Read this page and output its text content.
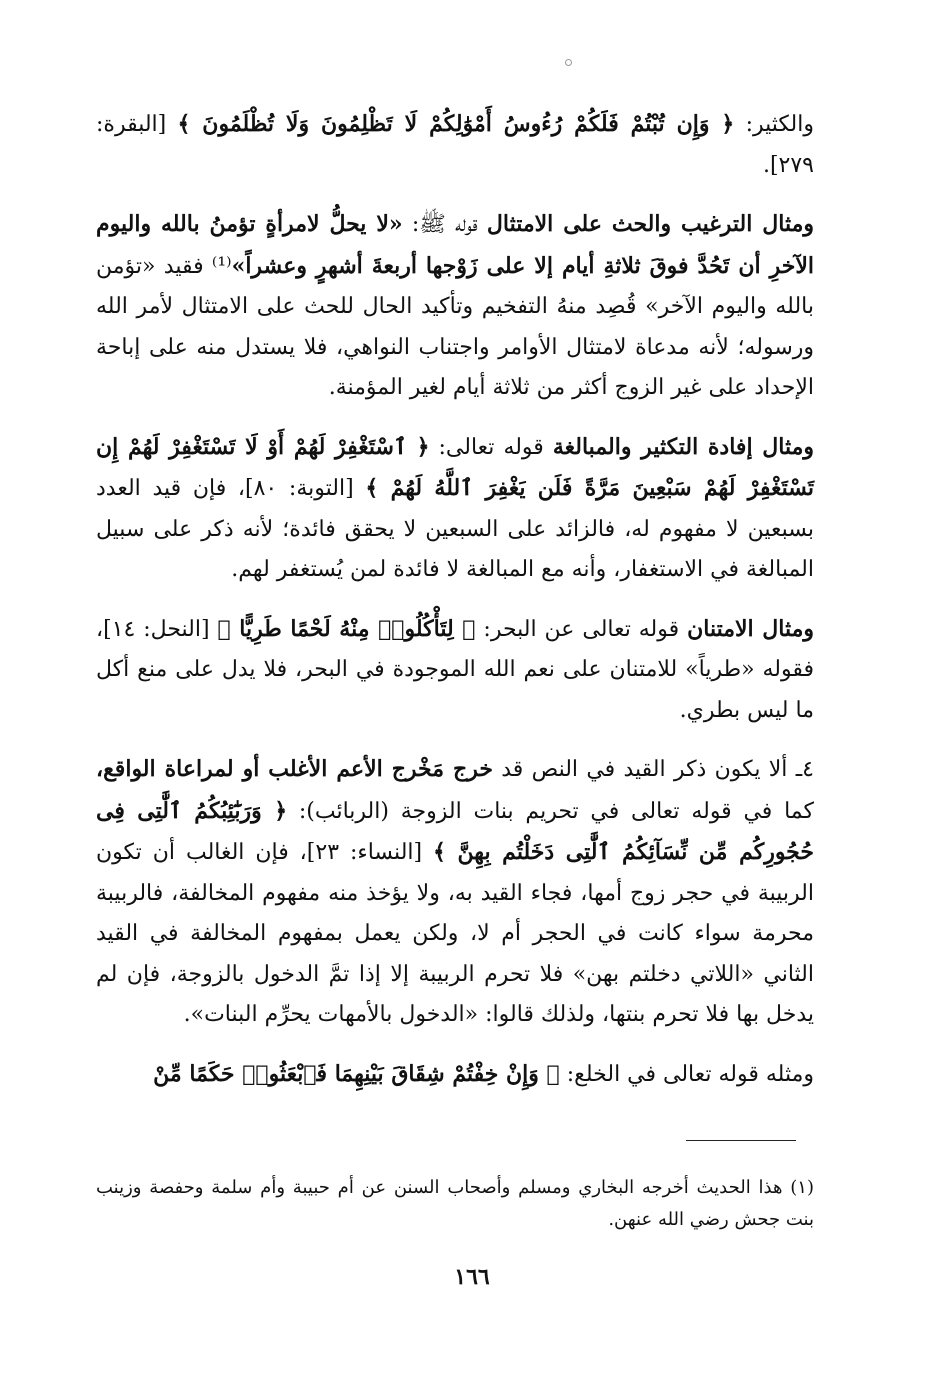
والكثير: ﴿ وَإِن تُبْتُمْ فَلَكُمْ رُءُوسُ أَمْوَٰلِكُمْ لَا تَظْلِمُونَ وَلَا تُظْلَمُونَ ﴾ [البقرة: ٢٧٩].

ومثال الترغيب والحث على الامتثال قوله ﷺ: «لا يحلُّ لامرأةٍ تؤمنُ بالله واليوم الآخرِ أن تَحُدَّ فوقَ ثلاثةِ أيام إلا على زَوْجها أربعةَ أشهرٍ وعشراً»⁽¹⁾ فقيد «تؤمن بالله واليوم الآخر» قُصِد منهُ التفخيم وتأكيد الحال للحث على الامتثال لأمر الله ورسوله؛ لأنه مدعاة لامتثال الأوامر واجتناب النواهي، فلا يستدل منه على إباحة الإحداد على غير الزوج أكثر من ثلاثة أيام لغير المؤمنة.

ومثال إفادة التكثير والمبالغة قوله تعالى: ﴿ ٱسْتَغْفِرْ لَهُمْ أَوْ لَا تَسْتَغْفِرْ لَهُمْ إِن تَسْتَغْفِرْ لَهُمْ سَبْعِينَ مَرَّةً فَلَن يَغْفِرَ ٱللَّهُ لَهُمْ ﴾ [التوبة: ٨٠]، فإن قيد العدد بسبعين لا مفهوم له، فالزائد على السبعين لا يحقق فائدة؛ لأنه ذكر على سبيل المبالغة في الاستغفار، وأنه مع المبالغة لا فائدة لمن يُستغفر لهم.

ومثال الامتنان قوله تعالى عن البحر: ﴿ لِتَأْكُلُوا۟ مِنْهُ لَحْمًا طَرِيًّا ﴾ [النحل: ١٤]، فقوله «طرياً» للامتنان على نعم الله الموجودة في البحر، فلا يدل على منع أكل ما ليس بطري.

٤ـ ألا يكون ذكر القيد في النص قد خرج مَخْرج الأعم الأغلب أو لمراعاة الواقع، كما في قوله تعالى في تحريم بنات الزوجة (الربائب): ﴿ وَرَبَٰٓئِبُكُمُ ٱلَّٰتِى فِى حُجُورِكُم مِّن نِّسَآئِكُمُ ٱلَّٰتِى دَخَلْتُم بِهِنَّ ﴾ [النساء: ٢٣]، فإن الغالب أن تكون الربيبة في حجر زوج أمها، فجاء القيد به، ولا يؤخذ منه مفهوم المخالفة، فالربيبة محرمة سواء كانت في الحجر أم لا، ولكن يعمل بمفهوم المخالفة في القيد الثاني «اللاتي دخلتم بهن» فلا تحرم الربيبة إلا إذا تمَّ الدخول بالزوجة، فإن لم يدخل بها فلا تحرم بنتها، ولذلك قالوا: «الدخول بالأمهات يحرِّم البنات».

ومثله قوله تعالى في الخلع: ﴿ وَإِنْ خِفْتُمْ شِقَاقَ بَيْنِهِمَا فَٱبْعَثُوا۟ حَكَمًا مِّنْ

(١) هذا الحديث أخرجه البخاري ومسلم وأصحاب السنن عن أم حبيبة وأم سلمة وحفصة وزينب بنت جحش رضي الله عنهن.
١٦٦
